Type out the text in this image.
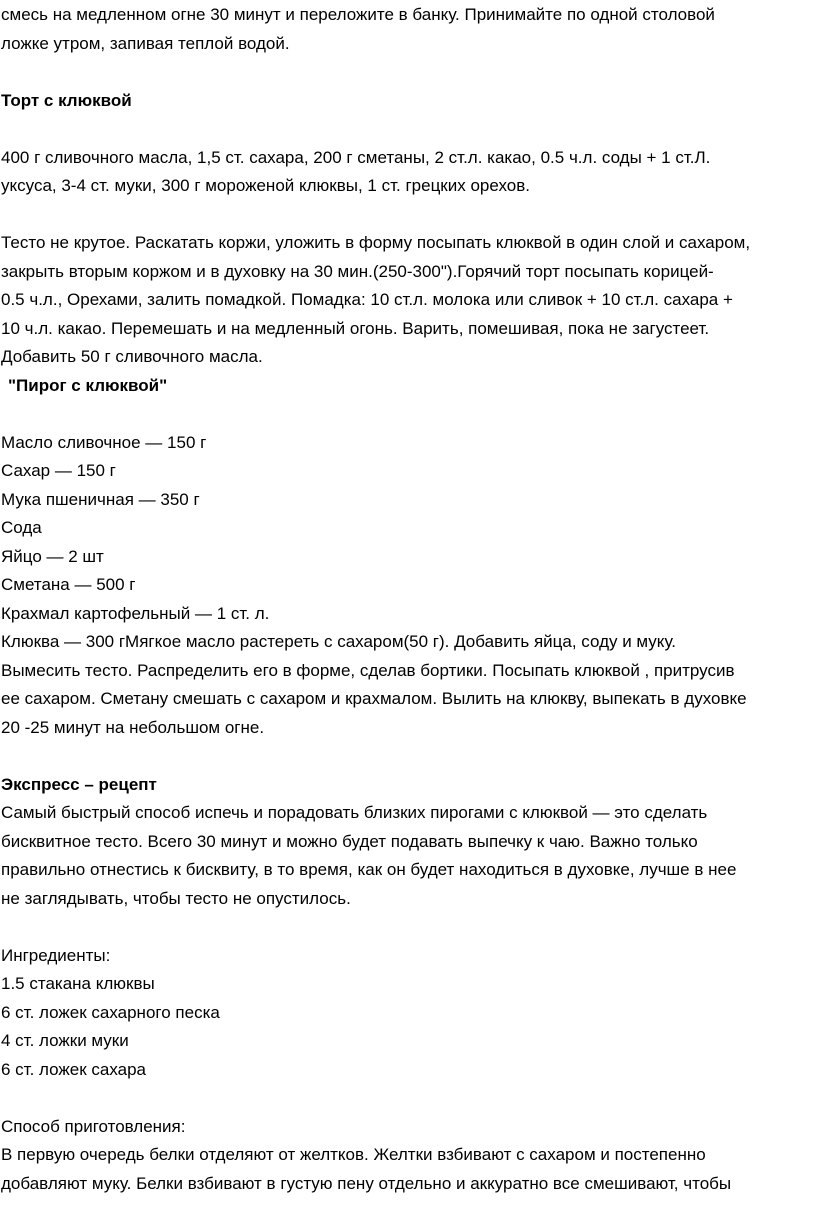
смесь на медленном огне 30 минут и переложите в банку. Принимайте по одной столовой
ложке утром, запивая теплой водой.
Торт с клюквой
400 г сливочного масла, 1,5 ст. сахара, 200 г сметаны, 2 ст.л. какао, 0.5 ч.л. соды + 1 ст.Л.
уксуса, 3-4 ст. муки, 300 г мороженой клюквы, 1 ст. грецких орехов.
Тесто не крутое. Раскатать коржи, уложить в форму посыпать клюквой в один слой и сахаром,
закрыть вторым коржом и в духовку на 30 мин.(250-300").Горячий торт посыпать корицей-
0.5 ч.л., Орехами, залить помадкой. Помадка: 10 ст.л. молока или сливок + 10 ст.л. сахара +
10 ч.л. какао. Перемешать и на медленный огонь. Варить, помешивая, пока не загустеет.
Добавить 50 г сливочного масла.
"Пирог с клюквой"
Масло сливочное — 150 г
Сахар — 150 г
Мука пшеничная — 350 г
Сода
Яйцо — 2 шт
Сметана — 500 г
Крахмал картофельный — 1 ст. л.
Клюква — 300 гМягкое масло растереть с сахаром(50 г). Добавить яйца, соду и муку.
Вымесить тесто. Распределить его в форме, сделав бортики. Посыпать клюквой , притрусив
ее сахаром. Сметану смешать с сахаром и крахмалом. Вылить на клюкву, выпекать в духовке
20 -25 минут на небольшом огне.
Экспресс – рецепт
Самый быстрый способ испечь и порадовать близких пирогами с клюквой — это сделать
бисквитное тесто. Всего 30 минут и можно будет подавать выпечку к чаю. Важно только
правильно отнестись к бисквиту, в то время, как он будет находиться в духовке, лучше в нее
не заглядывать, чтобы тесто не опустилось.
Ингредиенты:
1.5 стакана клюквы
6 ст. ложек сахарного песка
4 ст. ложки муки
6 ст. ложек сахара
Способ приготовления:
В первую очередь белки отделяют от желтков. Желтки взбивают с сахаром и постепенно
добавляют муку. Белки взбивают в густую пену отдельно и аккуратно все смешивают, чтобы
